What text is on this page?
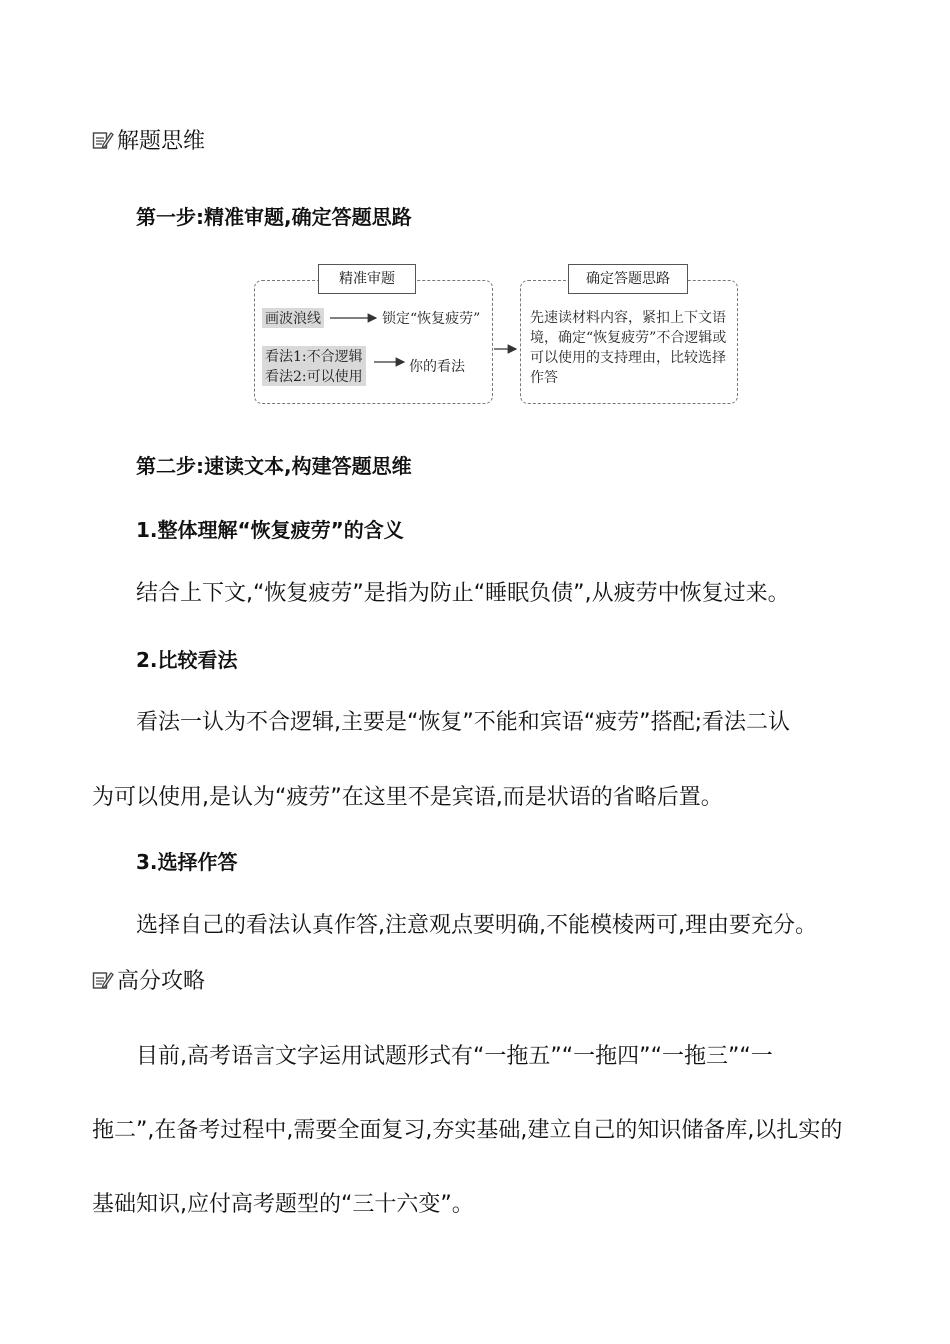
解题思维
第一步:精准审题,确定答题思路
精准审题	确定答题思路
画波浪线	锁定“恢复疲劳”
看法1:不合逻辑
看法2:可以使用
你的看法
先速读材料内容，紧扣上下文语境，确定“恢复疲劳”不合逻辑或可以使用的支持理由，比较选择作答
第二步:速读文本,构建答题思维
1.整体理解“恢复疲劳”的含义
结合上下文,“恢复疲劳”是指为防止“睡眠负债”,从疲劳中恢复过来。
2.比较看法
看法一认为不合逻辑,主要是“恢复”不能和宾语“疲劳”搭配;看法二认
为可以使用,是认为“疲劳”在这里不是宾语,而是状语的省略后置。
3.选择作答
选择自己的看法认真作答,注意观点要明确,不能模棱两可,理由要充分。
高分攻略
目前,高考语言文字运用试题形式有“一拖五”“一拖四”“一拖三”“一
拖二”,在备考过程中,需要全面复习,夯实基础,建立自己的知识储备库,以扎实的
基础知识,应付高考题型的“三十六变”。
